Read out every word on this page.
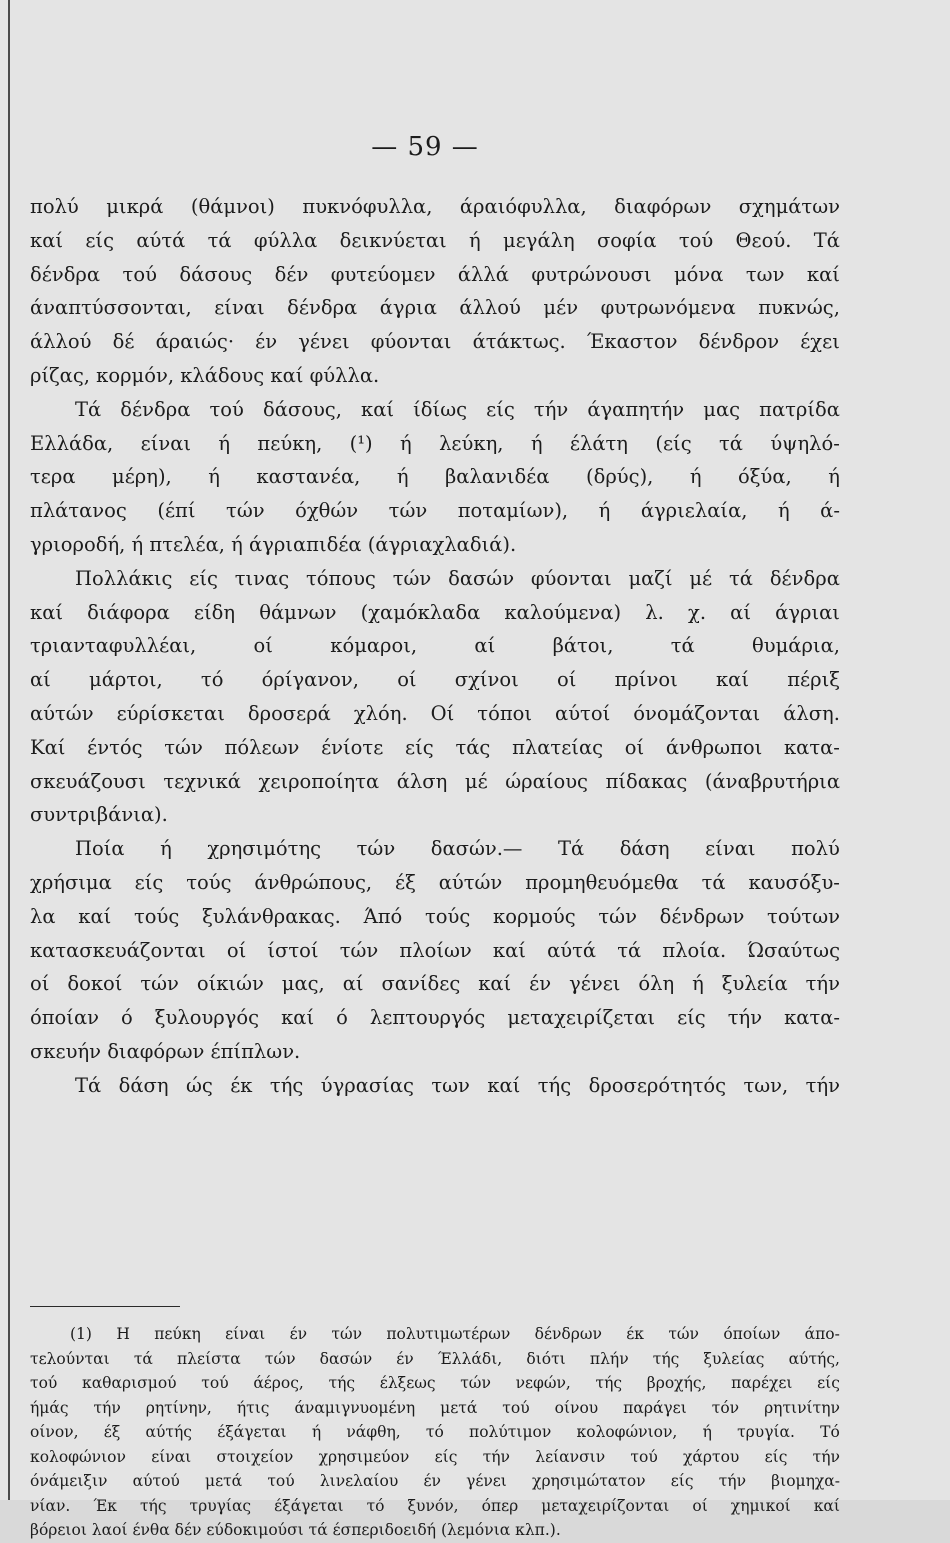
— 59 —
πολύ μικρά (θάμνοι) πυκνόφυλλα, άραιόφυλλα, διαφόρων σχημάτων
καί είς αύτά τά φύλλα δεικνύεται ή μεγάλη σοφία τού Θεού. Τά
δένδρα τού δάσους δέν φυτεύομεν άλλά φυτρώνουσι μόνα των καί
άναπτύσσονται, είναι δένδρα άγρια άλλού μέν φυτρωνόμενα πυκνώς,
άλλού δέ άραιώς· έν γένει φύονται άτάκτως. Έκαστον δένδρον έχει
ρίζας, κορμόν, κλάδους καί φύλλα.
Τά δένδρα τού δάσους, καί ίδίως είς τήν άγαπητήν μας πατρίδα
Ελλάδα, είναι ή πεύκη, (¹) ή λεύκη, ή έλάτη (είς τά ύψηλό-
τερα μέρη), ή καστανέα, ή βαλανιδέα (δρύς), ή όξύα, ή
πλάτανος (έπί τών όχθών τών ποταμίων), ή άγριελαία, ή ά-
γριοροδή, ή πτελέα, ή άγριαπιδέα (άγριαχλαδιά).
Πολλάκις είς τινας τόπους τών δασών φύονται μαζί μέ τά δένδρα
καί διάφορα είδη θάμνων (χαμόκλαδα καλούμενα) λ. χ. αί άγριαι
τριανταφυλλέαι,	οί	κόμαροι,	αί	βάτοι,	τά	θυμάρια,
αί μάρτοι, τό όρίγανον, οί σχίνοι οί πρίνοι καί πέριξ
αύτών εύρίσκεται δροσερά χλόη. Οί τόποι αύτοί όνομάζονται άλση.
Καί έντός τών πόλεων ένίοτε είς τάς πλατείας οί άνθρωποι κατα-
σκευάζουσι τεχνικά χειροποίητα άλση μέ ώραίους πίδακας (άναβρυτήρια
συντριβάνια).
Ποία ή χρησιμότης τών δασών.— Τά δάση είναι πολύ
χρήσιμα είς τούς άνθρώπους, έξ αύτών προμηθευόμεθα τά καυσόξυ-
λα καί τούς ξυλάνθρακας. Άπό τούς κορμούς τών δένδρων τούτων
κατασκευάζονται οί ίστοί τών πλοίων καί αύτά τά πλοία. Ώσαύτως
οί δοκοί τών οίκιών μας, αί σανίδες καί έν γένει όλη ή ξυλεία τήν
όποίαν ό ξυλουργός καί ό λεπτουργός μεταχειρίζεται είς τήν κατα-
σκευήν διαφόρων έπίπλων.
Τά δάση ώς έκ τής ύγρασίας των καί τής δροσερότητός των, τήν
(1) Η πεύκη είναι έν τών πολυτιμωτέρων δένδρων έκ τών όποίων άπο-
τελούνται τά πλείστα τών δασών έν Έλλάδι, διότι πλήν τής ξυλείας αύτής,
τού καθαρισμού τού άέρος, τής έλξεως τών νεφών, τής βροχής, παρέχει είς
ήμάς τήν ρητίνην, ήτις άναμιγνυομένη μετά τού οίνου παράγει τόν ρητινίτην
οίνον, έξ αύτής έξάγεται ή νάφθη, τό πολύτιμον κολοφώνιον, ή τρυγία. Τό
κολοφώνιον είναι στοιχείον χρησιμεύον είς τήν λείανσιν τού χάρτου είς τήν
όνάμειξιν αύτού μετά τού λινελαίου έν γένει χρησιμώτατον είς τήν βιομηχα-
νίαν. Έκ τής τρυγίας έξάγεται τό ξυνόν, όπερ μεταχειρίζονται οί χημικοί καί
βόρειοι λαοί ένθα δέν εύδοκιμούσι τά έσπεριδοειδή (λεμόνια κλπ.).
